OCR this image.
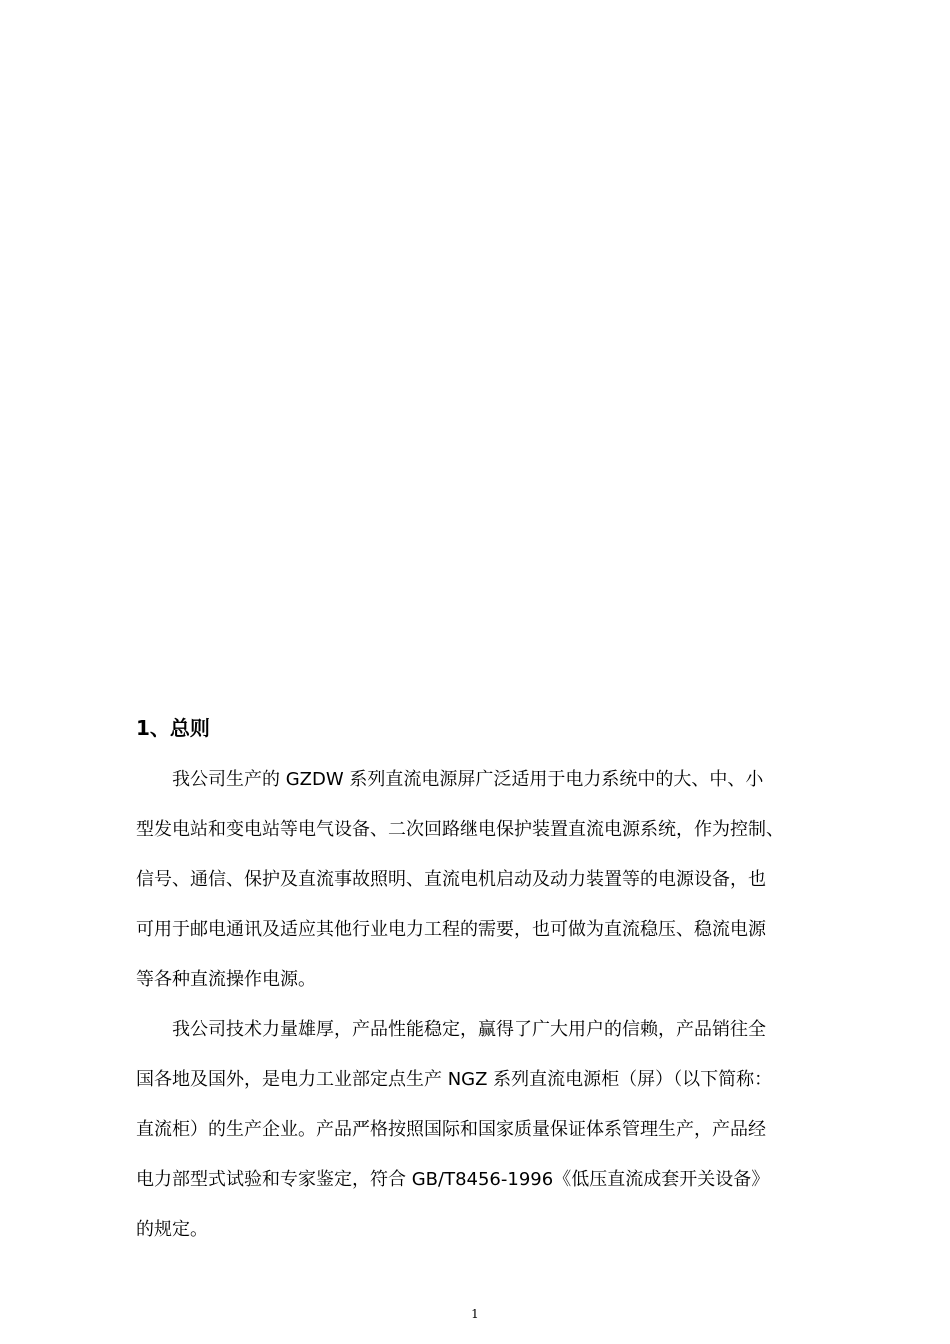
1、总则
我公司生产的 GZDW 系列直流电源屏广泛适用于电力系统中的大、中、小
型发电站和变电站等电气设备、二次回路继电保护装置直流电源系统，作为控制、
信号、通信、保护及直流事故照明、直流电机启动及动力装置等的电源设备，也
可用于邮电通讯及适应其他行业电力工程的需要，也可做为直流稳压、稳流电源
等各种直流操作电源。
我公司技术力量雄厚，产品性能稳定，赢得了广大用户的信赖，产品销往全
国各地及国外，是电力工业部定点生产 NGZ 系列直流电源柜（屏）（以下简称：
直流柜）的生产企业。产品严格按照国际和国家质量保证体系管理生产，产品经
电力部型式试验和专家鉴定，符合 GB/T8456-1996《低压直流成套开关设备》
的规定。
1
